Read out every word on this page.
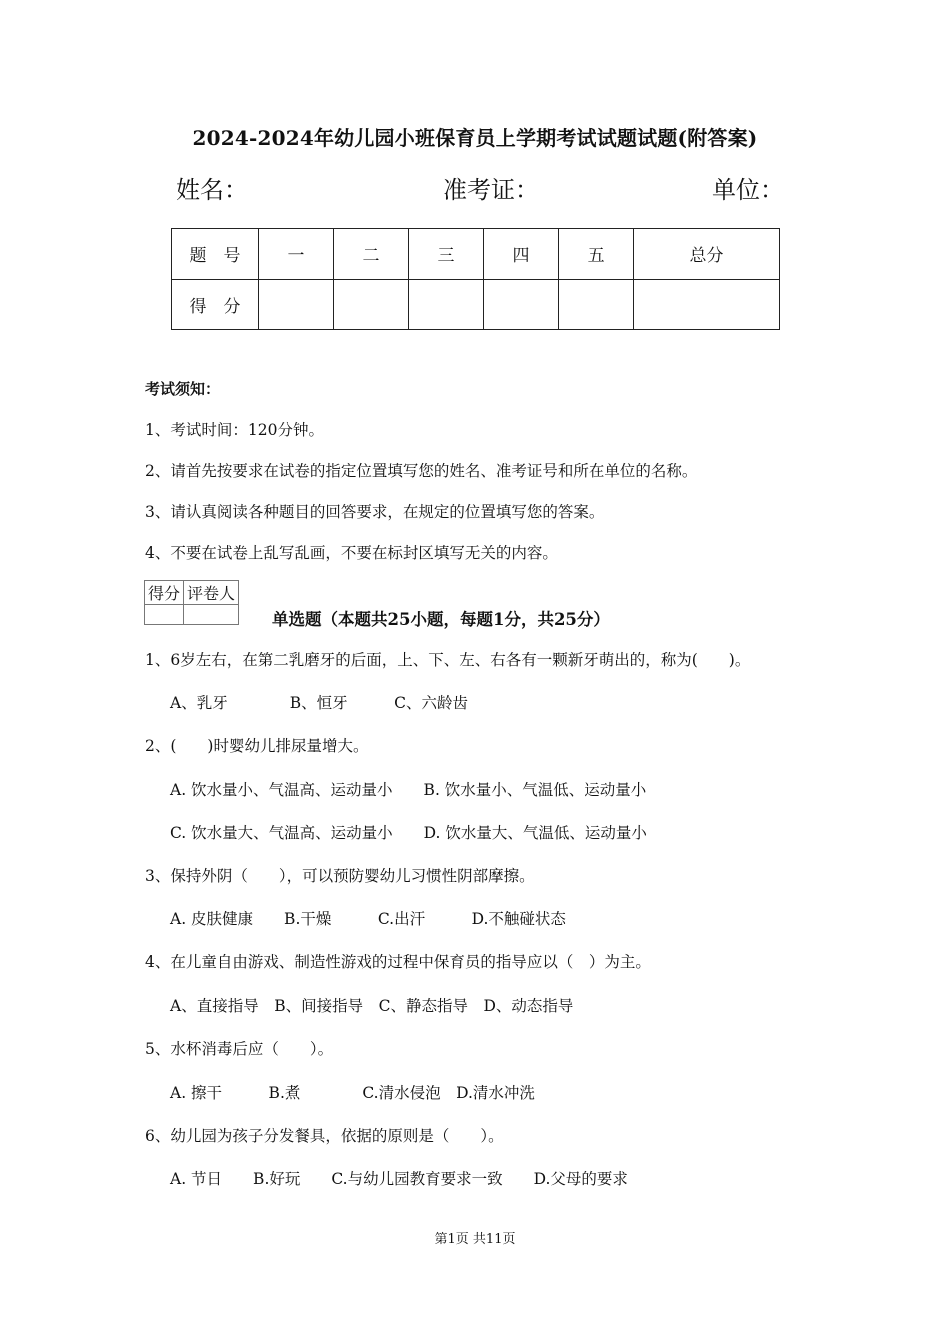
2024-2024年幼儿园小班保育员上学期考试试题试题(附答案)
姓名：	准考证：	单位：
题　号	一	二	三	四	五	总分
得　分						
考试须知：
1、考试时间：120分钟。
2、请首先按要求在试卷的指定位置填写您的姓名、准考证号和所在单位的名称。
3、请认真阅读各种题目的回答要求，在规定的位置填写您的答案。
4、不要在试卷上乱写乱画，不要在标封区填写无关的内容。
得分	评卷人

单选题（本题共25小题，每题1分，共25分）
1、6岁左右，在第二乳磨牙的后面，上、下、左、右各有一颗新牙萌出的，称为(　　)。
A、乳牙　　　　B、恒牙　　　C、六龄齿
2、(　　)时婴幼儿排尿量增大。
A. 饮水量小、气温高、运动量小　　B. 饮水量小、气温低、运动量小
C. 饮水量大、气温高、运动量小　　D. 饮水量大、气温低、运动量小
3、保持外阴（　　），可以预防婴幼儿习惯性阴部摩擦。
A. 皮肤健康　　B.干燥　　　C.出汗　　　D.不触碰状态
4、在儿童自由游戏、制造性游戏的过程中保育员的指导应以（　）为主。
A、直接指导　B、间接指导　C、静态指导　D、动态指导
5、水杯消毒后应（　　）。
A. 擦干　　　B.煮　　　　C.清水侵泡　D.清水冲洗
6、幼儿园为孩子分发餐具，依据的原则是（　　）。
A. 节日　　B.好玩　　C.与幼儿园教育要求一致　　D.父母的要求
第1页 共11页
